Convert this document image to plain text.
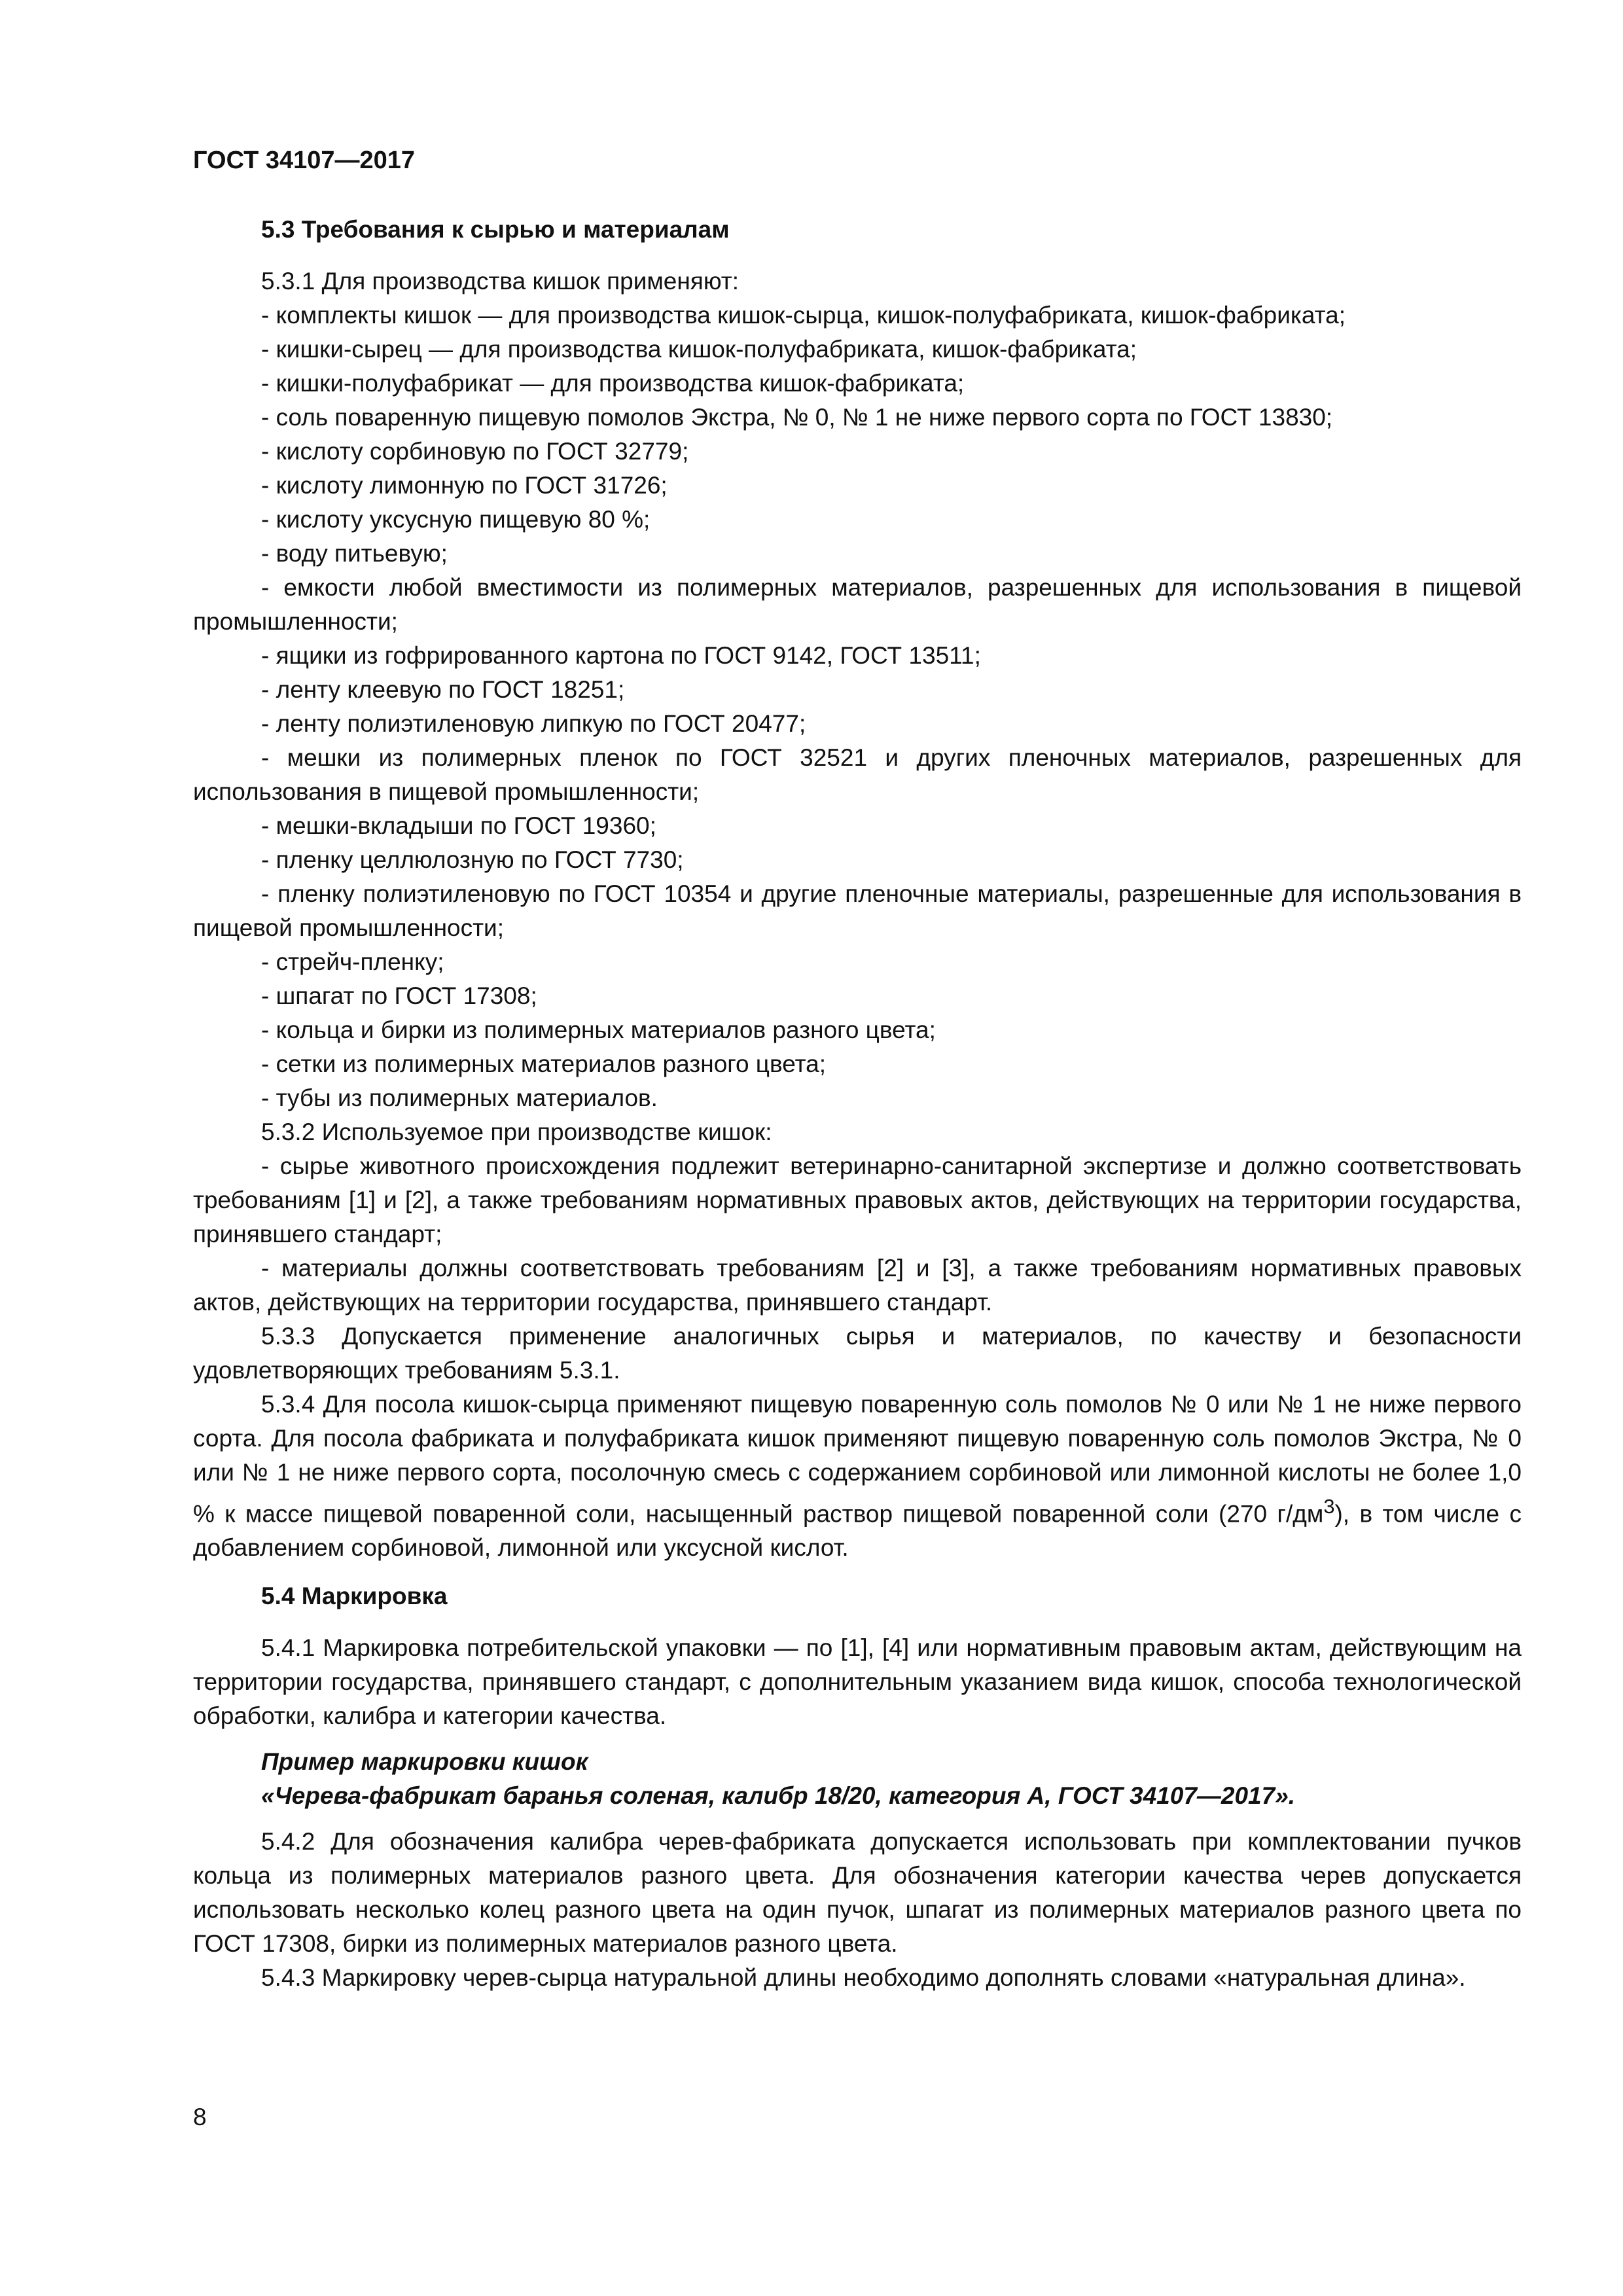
ГОСТ 34107—2017
5.3 Требования к сырью и материалам
5.3.1 Для производства кишок применяют:
- комплекты кишок — для производства кишок-сырца, кишок-полуфабриката, кишок-фабриката;
- кишки-сырец — для производства кишок-полуфабриката, кишок-фабриката;
- кишки-полуфабрикат — для производства кишок-фабриката;
- соль поваренную пищевую помолов Экстра, № 0, № 1 не ниже первого сорта по ГОСТ 13830;
- кислоту сорбиновую по ГОСТ 32779;
- кислоту лимонную по ГОСТ 31726;
- кислоту уксусную пищевую 80 %;
- воду питьевую;
- емкости любой вместимости из полимерных материалов, разрешенных для использования в пищевой промышленности;
- ящики из гофрированного картона по ГОСТ 9142, ГОСТ 13511;
- ленту клеевую по ГОСТ 18251;
- ленту полиэтиленовую липкую по ГОСТ 20477;
- мешки из полимерных пленок по ГОСТ 32521 и других пленочных материалов, разрешенных для использования в пищевой промышленности;
- мешки-вкладыши по ГОСТ 19360;
- пленку целлюлозную по ГОСТ 7730;
- пленку полиэтиленовую по ГОСТ 10354 и другие пленочные материалы, разрешенные для использования в пищевой промышленности;
- стрейч-пленку;
- шпагат по ГОСТ 17308;
- кольца и бирки из полимерных материалов разного цвета;
- сетки из полимерных материалов разного цвета;
- тубы из полимерных материалов.
5.3.2 Используемое при производстве кишок:
- сырье животного происхождения подлежит ветеринарно-санитарной экспертизе и должно соответствовать требованиям [1] и [2], а также требованиям нормативных правовых актов, действующих на территории государства, принявшего стандарт;
- материалы должны соответствовать требованиям [2] и [3], а также требованиям нормативных правовых актов, действующих на территории государства, принявшего стандарт.
5.3.3 Допускается применение аналогичных сырья и материалов, по качеству и безопасности удовлетворяющих требованиям 5.3.1.
5.3.4 Для посола кишок-сырца применяют пищевую поваренную соль помолов № 0 или № 1 не ниже первого сорта. Для посола фабриката и полуфабриката кишок применяют пищевую поваренную соль помолов Экстра, № 0 или № 1 не ниже первого сорта, посолочную смесь с содержанием сорбиновой или лимонной кислоты не более 1,0 % к массе пищевой поваренной соли, насыщенный раствор пищевой поваренной соли (270 $г/дм^3$), в том числе с добавлением сорбиновой, лимонной или уксусной кислот.
5.4 Маркировка
5.4.1 Маркировка потребительской упаковки — по [1], [4] или нормативным правовым актам, действующим на территории государства, принявшего стандарт, с дополнительным указанием вида кишок, способа технологической обработки, калибра и категории качества.
Пример маркировки кишок
«Черева-фабрикат баранья соленая, калибр 18/20, категория А, ГОСТ 34107—2017».
5.4.2 Для обозначения калибра черев-фабриката допускается использовать при комплектовании пучков кольца из полимерных материалов разного цвета. Для обозначения категории качества черев допускается использовать несколько колец разного цвета на один пучок, шпагат из полимерных материалов разного цвета по ГОСТ 17308, бирки из полимерных материалов разного цвета.
5.4.3 Маркировку черев-сырца натуральной длины необходимо дополнять словами «натуральная длина».
8
